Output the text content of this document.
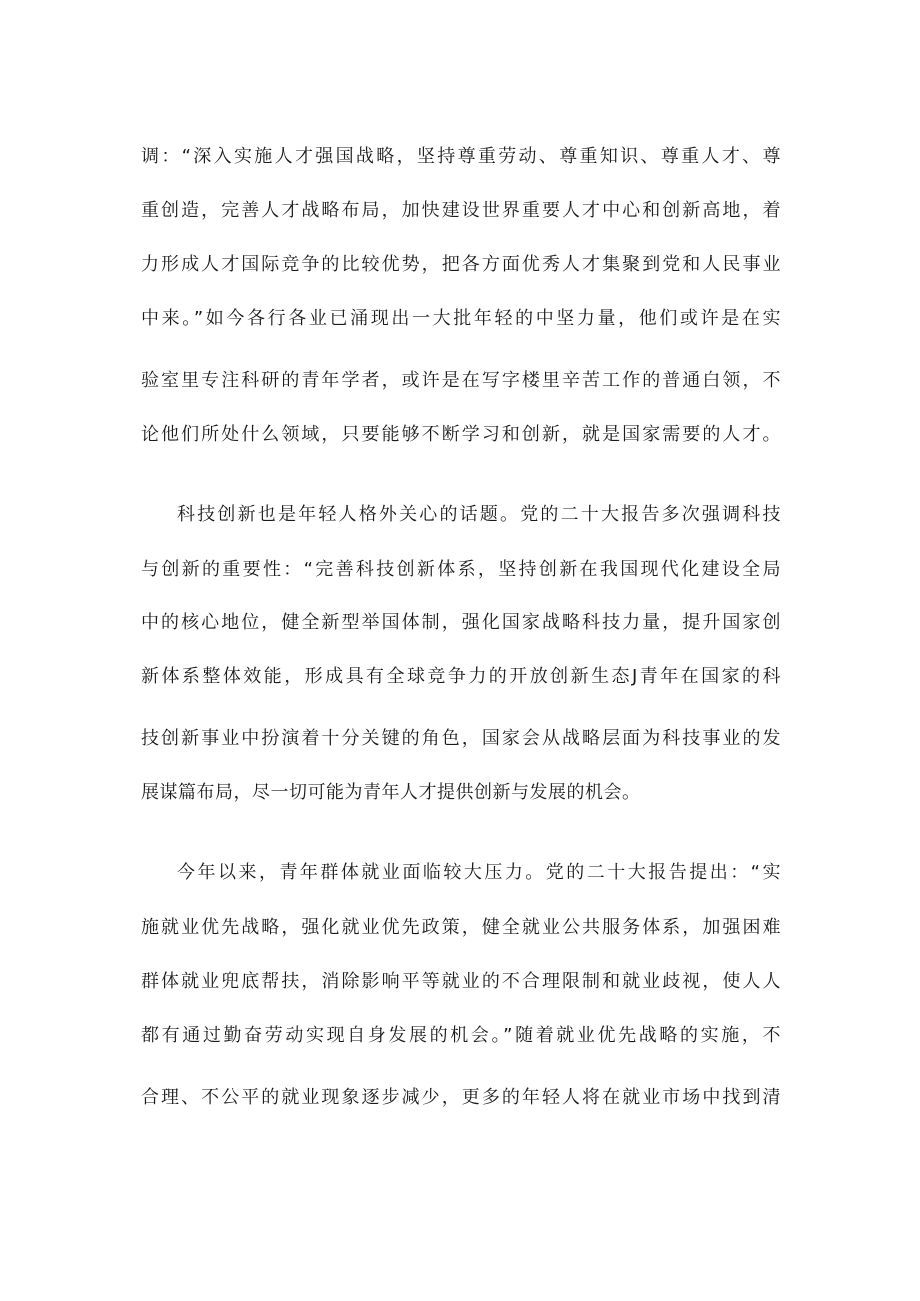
调：“深入实施人才强国战略，坚持尊重劳动、尊重知识、尊重人才、尊
重创造，完善人才战略布局，加快建设世界重要人才中心和创新高地，着
力形成人才国际竞争的比较优势，把各方面优秀人才集聚到党和人民事业
中来。”如今各行各业已涌现出一大批年轻的中坚力量，他们或许是在实
验室里专注科研的青年学者，或许是在写字楼里辛苦工作的普通白领，不
论他们所处什么领域，只要能够不断学习和创新，就是国家需要的人才。
科技创新也是年轻人格外关心的话题。党的二十大报告多次强调科技
与创新的重要性：“完善科技创新体系，坚持创新在我国现代化建设全局
中的核心地位，健全新型举国体制，强化国家战略科技力量，提升国家创
新体系整体效能，形成具有全球竞争力的开放创新生态J青年在国家的科
技创新事业中扮演着十分关键的角色，国家会从战略层面为科技事业的发
展谋篇布局，尽一切可能为青年人才提供创新与发展的机会。
今年以来，青年群体就业面临较大压力。党的二十大报告提出：“实
施就业优先战略，强化就业优先政策，健全就业公共服务体系，加强困难
群体就业兜底帮扶，消除影响平等就业的不合理限制和就业歧视，使人人
都有通过勤奋劳动实现自身发展的机会。”随着就业优先战略的实施，不
合理、不公平的就业现象逐步减少，更多的年轻人将在就业市场中找到清
